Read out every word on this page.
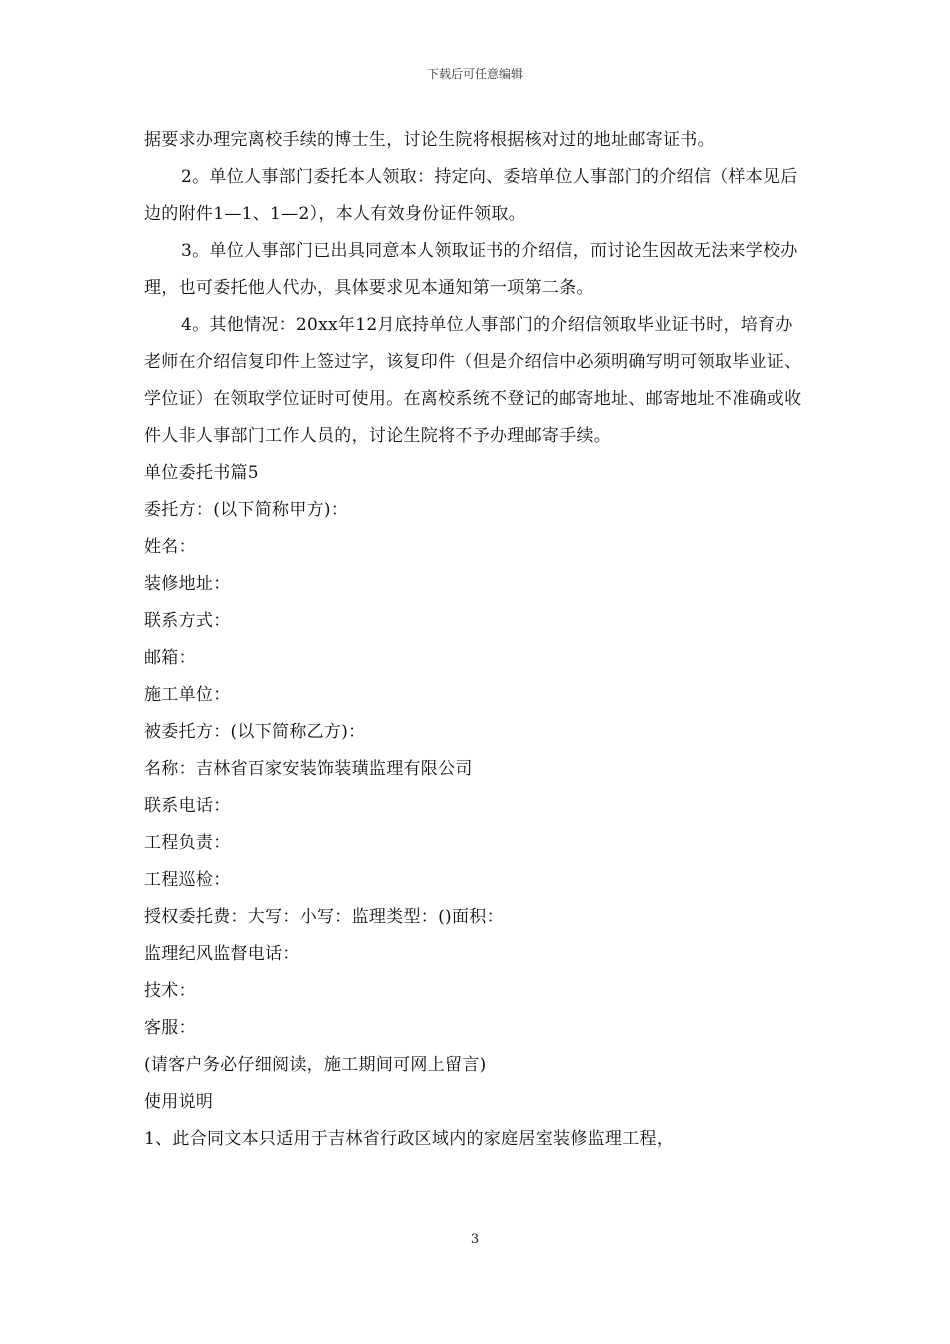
下载后可任意编辑

据要求办理完离校手续的博士生，讨论生院将根据核对过的地址邮寄证书。

2。单位人事部门委托本人领取：持定向、委培单位人事部门的介绍信（样本见后边的附件1—1、1—2），本人有效身份证件领取。

3。单位人事部门已出具同意本人领取证书的介绍信，而讨论生因故无法来学校办理，也可委托他人代办，具体要求见本通知第一项第二条。

4。其他情况：20xx年12月底持单位人事部门的介绍信领取毕业证书时，培育办老师在介绍信复印件上签过字，该复印件（但是介绍信中必须明确写明可领取毕业证、学位证）在领取学位证时可使用。在离校系统不登记的邮寄地址、邮寄地址不准确或收件人非人事部门工作人员的，讨论生院将不予办理邮寄手续。

单位委托书篇5

委托方：(以下简称甲方)：

姓名：

装修地址：

联系方式：

邮箱：

施工单位：

被委托方：(以下简称乙方)：

名称：吉林省百家安装饰装璜监理有限公司

联系电话：

工程负责：

工程巡检：

授权委托费：大写：小写：监理类型：()面积：

监理纪风监督电话：

技术：

客服：

(请客户务必仔细阅读，施工期间可网上留言)

使用说明

1、此合同文本只适用于吉林省行政区域内的家庭居室装修监理工程，

3
